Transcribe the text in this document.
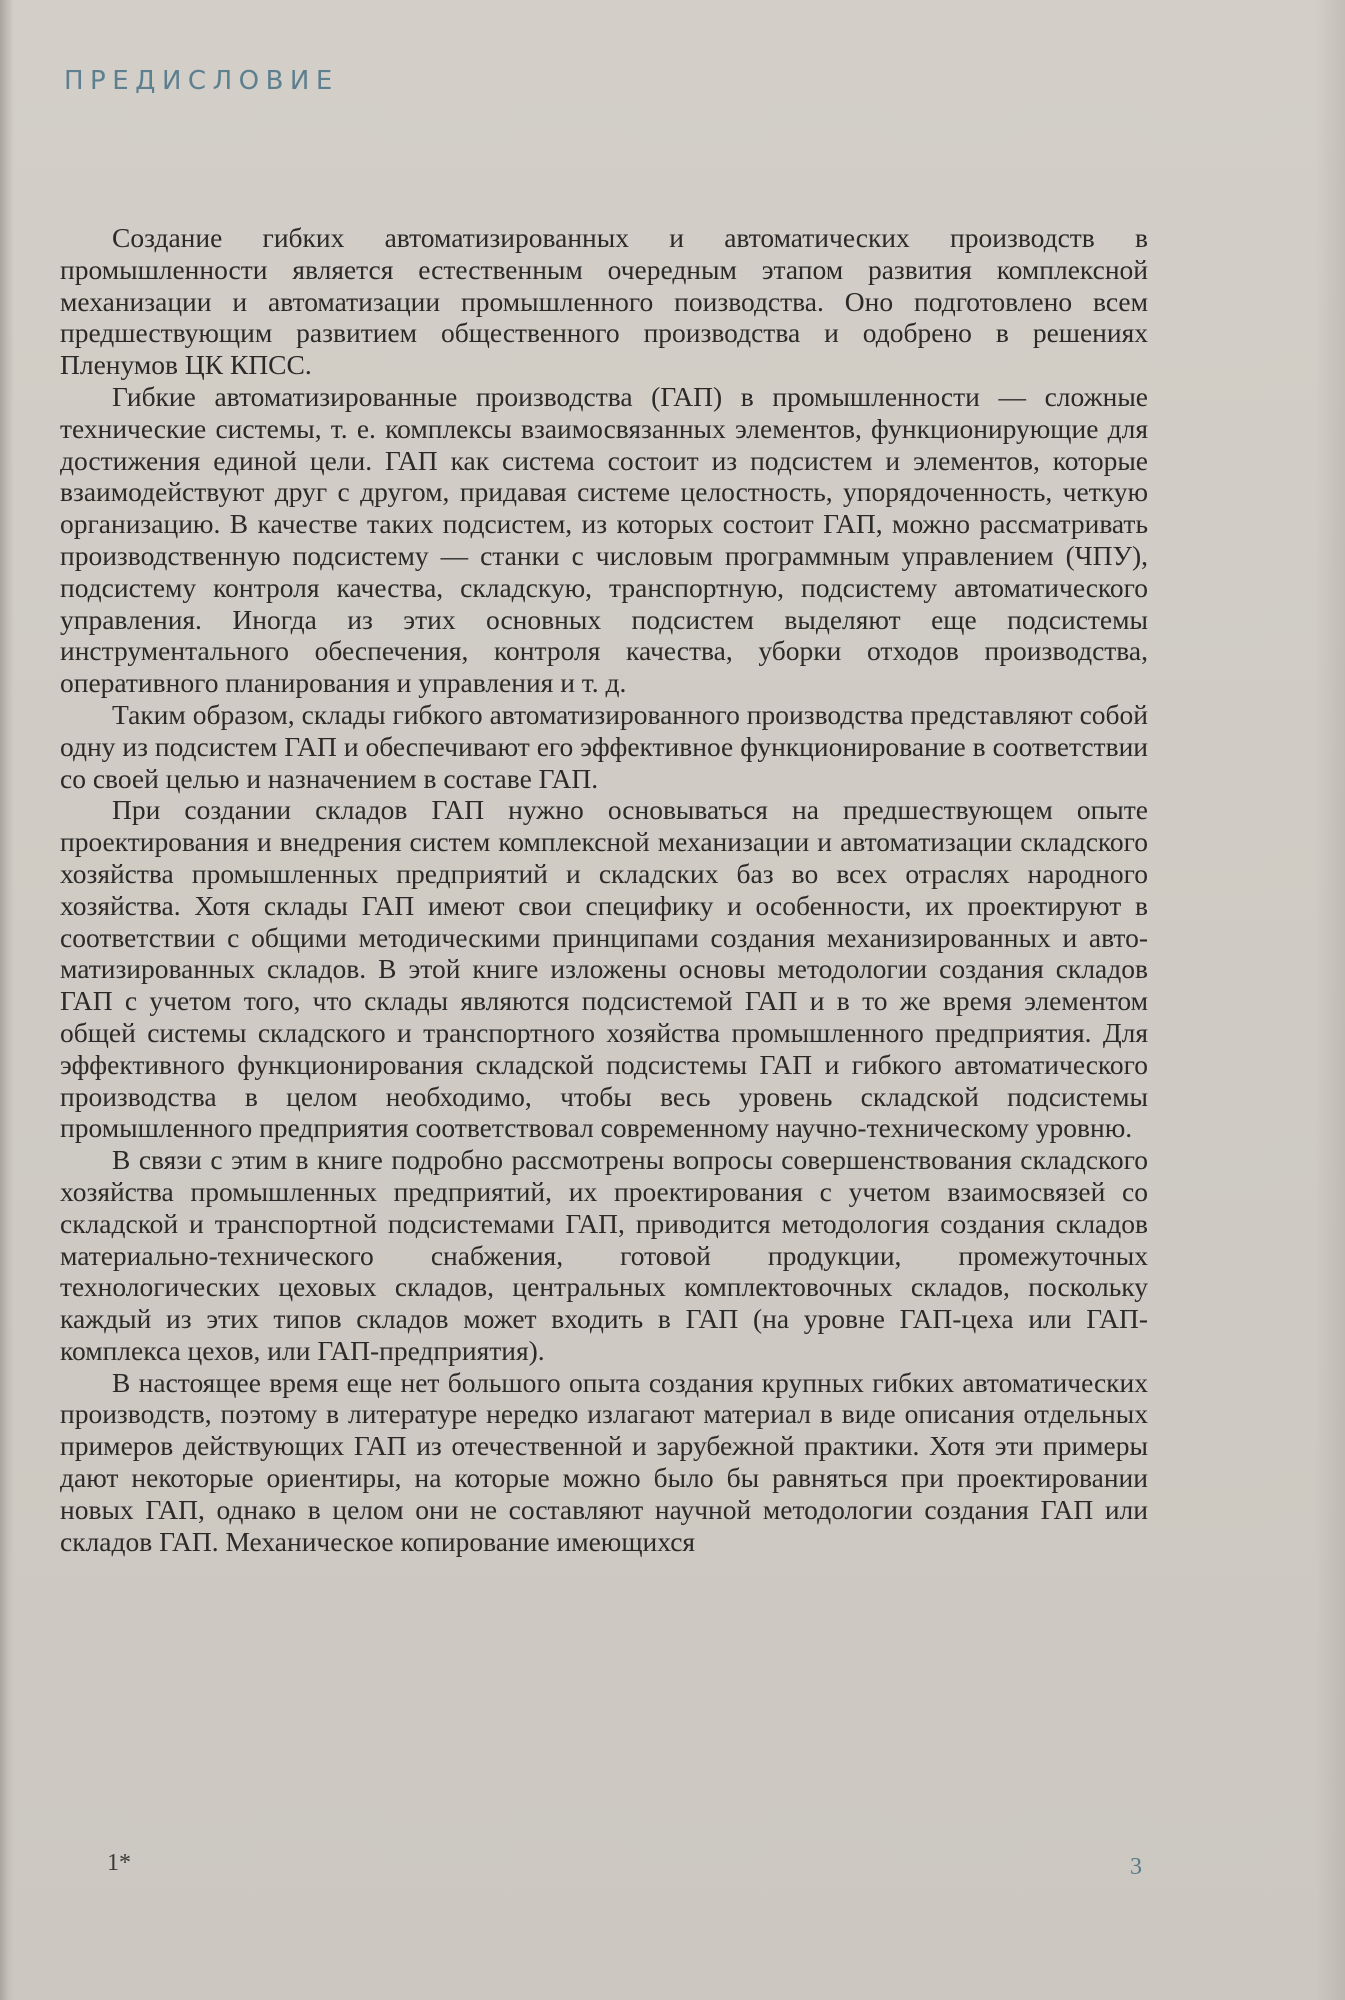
ПРЕДИСЛОВИЕ

Создание гибких автоматизированных и автоматических производств в промышленности является естественным очередным этапом развития комплексной механизации и автоматизации промышленного поизводства. Оно подготовлено всем предшествующим развитием общественного производства и одобрено в решениях Пленумов ЦК КПСС.

Гибкие автоматизированные производства (ГАП) в промышленности — сложные технические системы, т. е. комплексы взаимосвязанных элементов, функционирующие для достижения единой цели. ГАП как система состоит из подсистем и элементов, которые взаимодействуют друг с другом, придавая системе целостность, упорядоченность, четкую организацию. В качестве таких подсистем, из которых состоит ГАП, можно рассматривать производственную подсистему — станки с числовым программным управлением (ЧПУ), подсистему контроля качества, складскую, транспортную, подсистему автоматического управления. Иногда из этих основных подсистем выделяют еще подсистемы инструментального обеспечения, контроля качества, уборки отходов производства, оперативного планирования и управления и т. д.

Таким образом, склады гибкого автоматизированного производства представляют собой одну из подсистем ГАП и обеспечивают его эффективное функционирование в соответствии со своей целью и назначением в составе ГАП.

При создании складов ГАП нужно основываться на предшествующем опыте проектирования и внедрения систем комплексной механизации и автоматизации складского хозяйства промышленных предприятий и складских баз во всех отраслях народного хозяйства. Хотя склады ГАП имеют свои специфику и особенности, их проектируют в соответствии с общими методическими принципами создания механизированных и автоматизированных складов. В этой книге изложены основы методологии создания складов ГАП с учетом того, что склады являются подсистемой ГАП и в то же время элементом общей системы складского и транспортного хозяйства промышленного предприятия. Для эффективного функционирования складской подсистемы ГАП и гибкого автоматического производства в целом необходимо, чтобы весь уровень складской подсистемы промышленного предприятия соответствовал современному научно-техническому уровню.

В связи с этим в книге подробно рассмотрены вопросы совершенствования складского хозяйства промышленных предприятий, их проектирования с учетом взаимосвязей со складской и транспортной подсистемами ГАП, приводится методология создания складов материально-технического снабжения, готовой продукции, промежуточных технологических цеховых складов, центральных комплектовочных складов, поскольку каждый из этих типов складов может входить в ГАП (на уровне ГАП-цеха или ГАП-комплекса цехов, или ГАП-предприятия).

В настоящее время еще нет большого опыта создания крупных гибких автоматических производств, поэтому в литературе нередко излагают материал в виде описания отдельных примеров действующих ГАП из отечественной и зарубежной практики. Хотя эти примеры дают некоторые ориентиры, на которые можно было бы равняться при проектировании новых ГАП, однако в целом они не составляют научной методологии создания ГАП или складов ГАП. Механическое копирование имеющихся

1*	3
